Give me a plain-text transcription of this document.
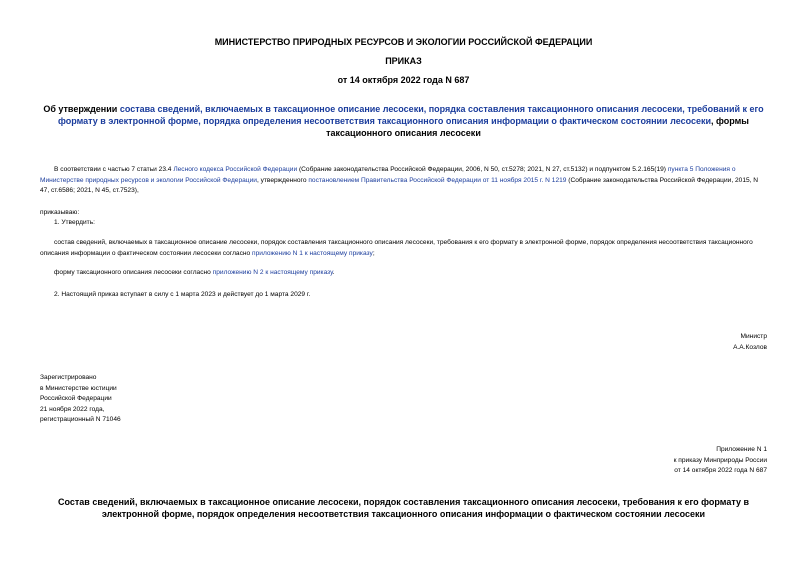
МИНИСТЕРСТВО ПРИРОДНЫХ РЕСУРСОВ И ЭКОЛОГИИ РОССИЙСКОЙ ФЕДЕРАЦИИ
ПРИКАЗ
от 14 октября 2022 года N 687
Об утверждении состава сведений, включаемых в таксационное описание лесосеки, порядка составления таксационного описания лесосеки, требований к его формату в электронной форме, порядка определения несоответствия таксационного описания информации о фактическом состоянии лесосеки, формы таксационного описания лесосеки
В соответствии с частью 7 статьи 23.4 Лесного кодекса Российской Федерации (Собрание законодательства Российской Федерации, 2006, N 50, ст.5278; 2021, N 27, ст.5132) и подпунктом 5.2.165(19) пункта 5 Положения о Министерстве природных ресурсов и экологии Российской Федерации, утвержденного постановлением Правительства Российской Федерации от 11 ноября 2015 г. N 1219 (Собрание законодательства Российской Федерации, 2015, N 47, ст.6586; 2021, N 45, ст.7523),
приказываю:
1. Утвердить:
состав сведений, включаемых в таксационное описание лесосеки, порядок составления таксационного описания лесосеки, требования к его формату в электронной форме, порядок определения несоответствия таксационного описания информации о фактическом состоянии лесосеки согласно приложению N 1 к настоящему приказу;
форму таксационного описания лесосеки согласно приложению N 2 к настоящему приказу.
2. Настоящий приказ вступает в силу с 1 марта 2023 и действует до 1 марта 2029 г.
Министр
А.А.Козлов
Зарегистрировано
в Министерстве юстиции
Российской Федерации
21 ноября 2022 года,
регистрационный N 71046
Приложение N 1
к приказу Минприроды России
от 14 октября 2022 года N 687
Состав сведений, включаемых в таксационное описание лесосеки, порядок составления таксационного описания лесосеки, требования к его формату в
электронной форме, порядок определения несоответствия таксационного описания информации о фактическом состоянии лесосеки
